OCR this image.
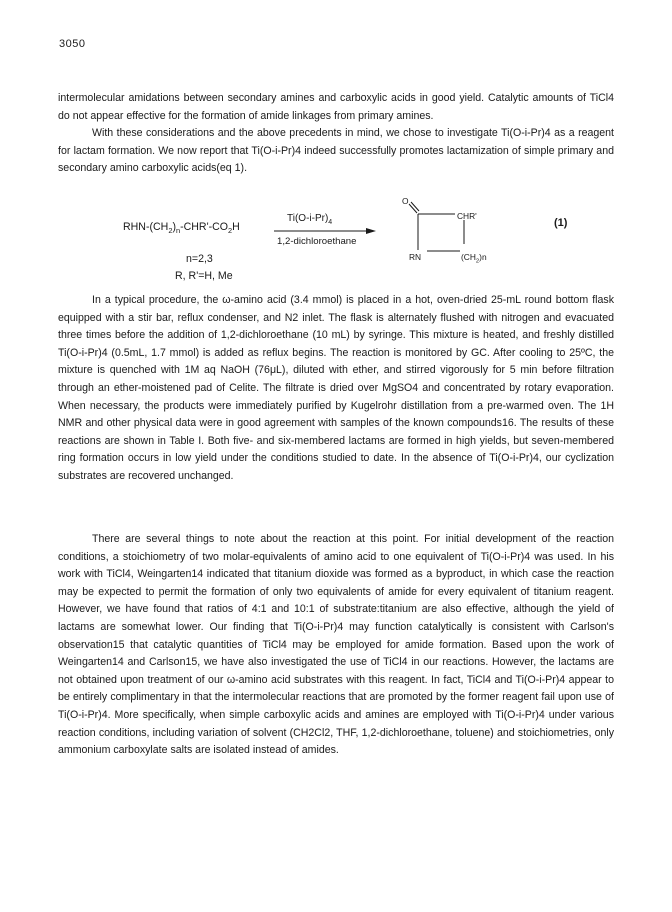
3050

intermolecular amidations between secondary amines and carboxylic acids in good yield. Catalytic amounts of TiCl4 do not appear effective for the formation of amide linkages from primary amines.

With these considerations and the above precedents in mind, we chose to investigate Ti(O-i-Pr)4 as a reagent for lactam formation. We now report that Ti(O-i-Pr)4 indeed successfully promotes lactamization of simple primary and secondary amino carboxylic acids(eq 1).

RHN-$(CH_2)_n-CHR'-CO_2H$
$Ti(O-i-Pr)_4$
1,2-dichloroethane
O
CHR'
RN	$(CH_2)n$
(1)
n=2,3
R, R'=H, Me

In a typical procedure, the ω-amino acid (3.4 mmol) is placed in a hot, oven-dried 25-mL round bottom flask equipped with a stir bar, reflux condenser, and N2 inlet. The flask is alternately flushed with nitrogen and evacuated three times before the addition of 1,2-dichloroethane (10 mL) by syringe. This mixture is heated, and freshly distilled Ti(O-i-Pr)4 (0.5mL, 1.7 mmol) is added as reflux begins. The reaction is monitored by GC. After cooling to 25ºC, the mixture is quenched with 1M aq NaOH (76μL), diluted with ether, and stirred vigorously for 5 min before filtration through an ether-moistened pad of Celite. The filtrate is dried over MgSO4 and concentrated by rotary evaporation. When necessary, the products were immediately purified by Kugelrohr distillation from a pre-warmed oven. The 1H NMR and other physical data were in good agreement with samples of the known compounds16. The results of these reactions are shown in Table I. Both five- and six-membered lactams are formed in high yields, but seven-membered ring formation occurs in low yield under the conditions studied to date. In the absence of Ti(O-i-Pr)4, our cyclization substrates are recovered unchanged.

There are several things to note about the reaction at this point. For initial development of the reaction conditions, a stoichiometry of two molar-equivalents of amino acid to one equivalent of Ti(O-i-Pr)4 was used. In his work with TiCl4, Weingarten14 indicated that titanium dioxide was formed as a byproduct, in which case the reaction may be expected to permit the formation of only two equivalents of amide for every equivalent of titanium reagent. However, we have found that ratios of 4:1 and 10:1 of substrate:titanium are also effective, although the yield of lactams are somewhat lower. Our finding that Ti(O-i-Pr)4 may function catalytically is consistent with Carlson's observation15 that catalytic quantities of TiCl4 may be employed for amide formation. Based upon the work of Weingarten14 and Carlson15, we have also investigated the use of TiCl4 in our reactions. However, the lactams are not obtained upon treatment of our ω-amino acid substrates with this reagent. In fact, TiCl4 and Ti(O-i-Pr)4 appear to be entirely complimentary in that the intermolecular reactions that are promoted by the former reagent fail upon use of Ti(O-i-Pr)4. More specifically, when simple carboxylic acids and amines are employed with Ti(O-i-Pr)4 under various reaction conditions, including variation of solvent (CH2Cl2, THF, 1,2-dichloroethane, toluene) and stoichiometries, only ammonium carboxylate salts are isolated instead of amides.
